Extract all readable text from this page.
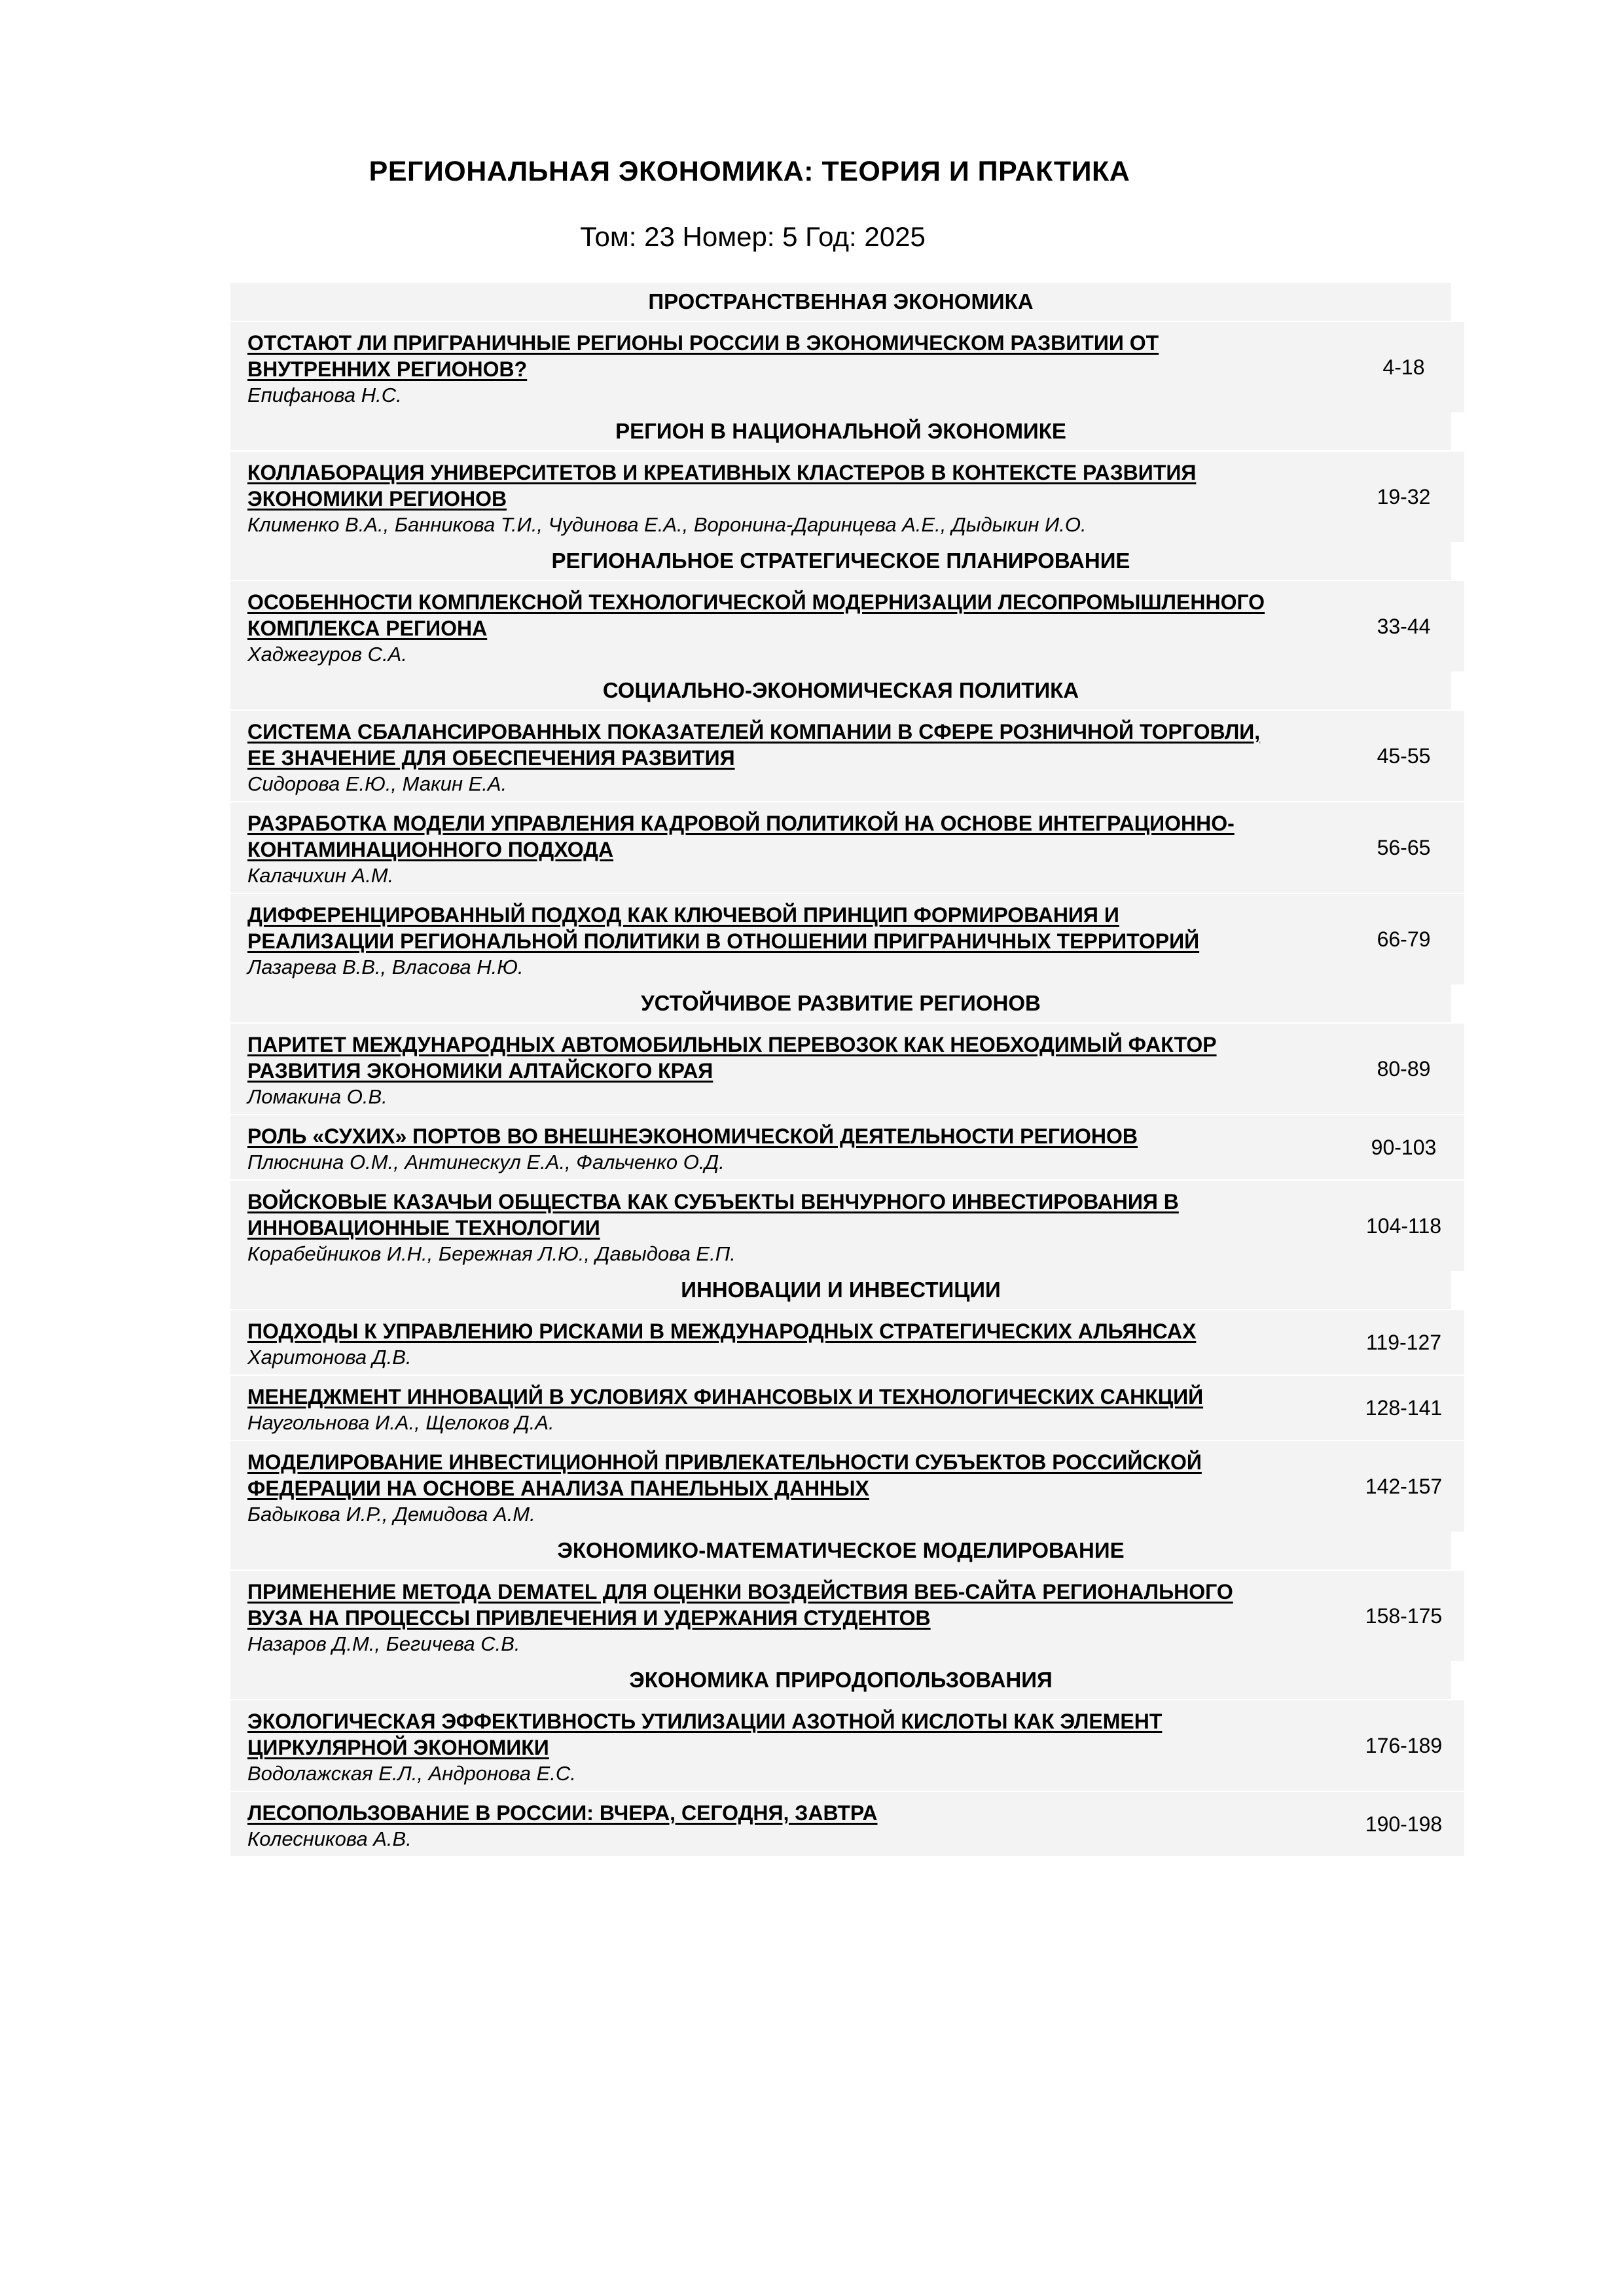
РЕГИОНАЛЬНАЯ ЭКОНОМИКА: ТЕОРИЯ И ПРАКТИКА
Том: 23 Номер: 5 Год: 2025
ПРОСТРАНСТВЕННАЯ ЭКОНОМИКА
ОТСТАЮТ ЛИ ПРИГРАНИЧНЫЕ РЕГИОНЫ РОССИИ В ЭКОНОМИЧЕСКОМ РАЗВИТИИ ОТ
ВНУТРЕННИХ РЕГИОНОВ?
Епифанова Н.С.
4-18
РЕГИОН В НАЦИОНАЛЬНОЙ ЭКОНОМИКЕ
КОЛЛАБОРАЦИЯ УНИВЕРСИТЕТОВ И КРЕАТИВНЫХ КЛАСТЕРОВ В КОНТЕКСТЕ РАЗВИТИЯ
ЭКОНОМИКИ РЕГИОНОВ
Клименко В.А., Банникова Т.И., Чудинова Е.А., Воронина-Даринцева А.Е., Дыдыкин И.О.
19-32
РЕГИОНАЛЬНОЕ СТРАТЕГИЧЕСКОЕ ПЛАНИРОВАНИЕ
ОСОБЕННОСТИ КОМПЛЕКСНОЙ ТЕХНОЛОГИЧЕСКОЙ МОДЕРНИЗАЦИИ ЛЕСОПРОМЫШЛЕННОГО
КОМПЛЕКСА РЕГИОНА
Хаджегуров С.А.
33-44
СОЦИАЛЬНО-ЭКОНОМИЧЕСКАЯ ПОЛИТИКА
СИСТЕМА СБАЛАНСИРОВАННЫХ ПОКАЗАТЕЛЕЙ КОМПАНИИ В СФЕРЕ РОЗНИЧНОЙ ТОРГОВЛИ,
ЕЕ ЗНАЧЕНИЕ ДЛЯ ОБЕСПЕЧЕНИЯ РАЗВИТИЯ
Сидорова Е.Ю., Макин Е.А.
45-55
РАЗРАБОТКА МОДЕЛИ УПРАВЛЕНИЯ КАДРОВОЙ ПОЛИТИКОЙ НА ОСНОВЕ ИНТЕГРАЦИОННО-
КОНТАМИНАЦИОННОГО ПОДХОДА
Калачихин А.М.
56-65
ДИФФЕРЕНЦИРОВАННЫЙ ПОДХОД КАК КЛЮЧЕВОЙ ПРИНЦИП ФОРМИРОВАНИЯ И
РЕАЛИЗАЦИИ РЕГИОНАЛЬНОЙ ПОЛИТИКИ В ОТНОШЕНИИ ПРИГРАНИЧНЫХ ТЕРРИТОРИЙ
Лазарева В.В., Власова Н.Ю.
66-79
УСТОЙЧИВОЕ РАЗВИТИЕ РЕГИОНОВ
ПАРИТЕТ МЕЖДУНАРОДНЫХ АВТОМОБИЛЬНЫХ ПЕРЕВОЗОК КАК НЕОБХОДИМЫЙ ФАКТОР
РАЗВИТИЯ ЭКОНОМИКИ АЛТАЙСКОГО КРАЯ
Ломакина О.В.
80-89
РОЛЬ «СУХИХ» ПОРТОВ ВО ВНЕШНЕЭКОНОМИЧЕСКОЙ ДЕЯТЕЛЬНОСТИ РЕГИОНОВ
Плюснина О.М., Антинескул Е.А., Фальченко О.Д.
90-103
ВОЙСКОВЫЕ КАЗАЧЬИ ОБЩЕСТВА КАК СУБЪЕКТЫ ВЕНЧУРНОГО ИНВЕСТИРОВАНИЯ В
ИННОВАЦИОННЫЕ ТЕХНОЛОГИИ
Корабейников И.Н., Бережная Л.Ю., Давыдова Е.П.
104-118
ИННОВАЦИИ И ИНВЕСТИЦИИ
ПОДХОДЫ К УПРАВЛЕНИЮ РИСКАМИ В МЕЖДУНАРОДНЫХ СТРАТЕГИЧЕСКИХ АЛЬЯНСАХ
Харитонова Д.В.
119-127
МЕНЕДЖМЕНТ ИННОВАЦИЙ В УСЛОВИЯХ ФИНАНСОВЫХ И ТЕХНОЛОГИЧЕСКИХ САНКЦИЙ
Наугольнова И.А., Щелоков Д.А.
128-141
МОДЕЛИРОВАНИЕ ИНВЕСТИЦИОННОЙ ПРИВЛЕКАТЕЛЬНОСТИ СУБЪЕКТОВ РОССИЙСКОЙ
ФЕДЕРАЦИИ НА ОСНОВЕ АНАЛИЗА ПАНЕЛЬНЫХ ДАННЫХ
Бадыкова И.Р., Демидова А.М.
142-157
ЭКОНОМИКО-МАТЕМАТИЧЕСКОЕ МОДЕЛИРОВАНИЕ
ПРИМЕНЕНИЕ МЕТОДА DEMATEL ДЛЯ ОЦЕНКИ ВОЗДЕЙСТВИЯ ВЕБ-САЙТА РЕГИОНАЛЬНОГО
ВУЗА НА ПРОЦЕССЫ ПРИВЛЕЧЕНИЯ И УДЕРЖАНИЯ СТУДЕНТОВ
Назаров Д.М., Бегичева С.В.
158-175
ЭКОНОМИКА ПРИРОДОПОЛЬЗОВАНИЯ
ЭКОЛОГИЧЕСКАЯ ЭФФЕКТИВНОСТЬ УТИЛИЗАЦИИ АЗОТНОЙ КИСЛОТЫ КАК ЭЛЕМЕНТ
ЦИРКУЛЯРНОЙ ЭКОНОМИКИ
Водолажская Е.Л., Андронова Е.С.
176-189
ЛЕСОПОЛЬЗОВАНИЕ В РОССИИ: ВЧЕРА, СЕГОДНЯ, ЗАВТРА
Колесникова А.В.
190-198
